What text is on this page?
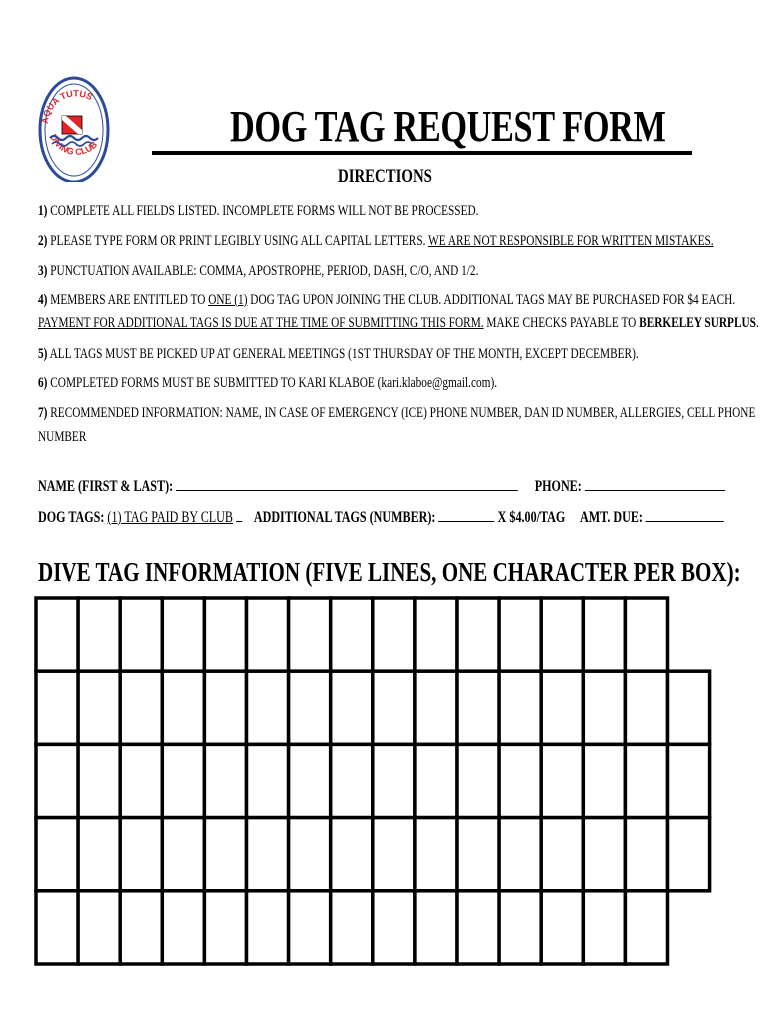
AQUA TUTUS
DIVING CLUB	DOG TAG REQUEST FORM
DIRECTIONS
1) COMPLETE ALL FIELDS LISTED. INCOMPLETE FORMS WILL NOT BE PROCESSED.
2) PLEASE TYPE FORM OR PRINT LEGIBLY USING ALL CAPITAL LETTERS. WE ARE NOT RESPONSIBLE FOR WRITTEN MISTAKES.
3) PUNCTUATION AVAILABLE: COMMA, APOSTROPHE, PERIOD, DASH, C/O, AND 1/2.
4) MEMBERS ARE ENTITLED TO ONE (1) DOG TAG UPON JOINING THE CLUB. ADDITIONAL TAGS MAY BE PURCHASED FOR $4 EACH.
PAYMENT FOR ADDITIONAL TAGS IS DUE AT THE TIME OF SUBMITTING THIS FORM. MAKE CHECKS PAYABLE TO BERKELEY SURPLUS.
5) ALL TAGS MUST BE PICKED UP AT GENERAL MEETINGS (1ST THURSDAY OF THE MONTH, EXCEPT DECEMBER).
6) COMPLETED FORMS MUST BE SUBMITTED TO KARI KLABOE (kari.klaboe@gmail.com).
7) RECOMMENDED INFORMATION: NAME, IN CASE OF EMERGENCY (ICE) PHONE NUMBER, DAN ID NUMBER, ALLERGIES, CELL PHONE
NUMBER
NAME (FIRST & LAST):	PHONE:
DOG TAGS: (1) TAG PAID BY CLUB ADDITIONAL TAGS (NUMBER):	X $4.00/TAG AMT. DUE:
DIVE TAG INFORMATION (FIVE LINES, ONE CHARACTER PER BOX):
